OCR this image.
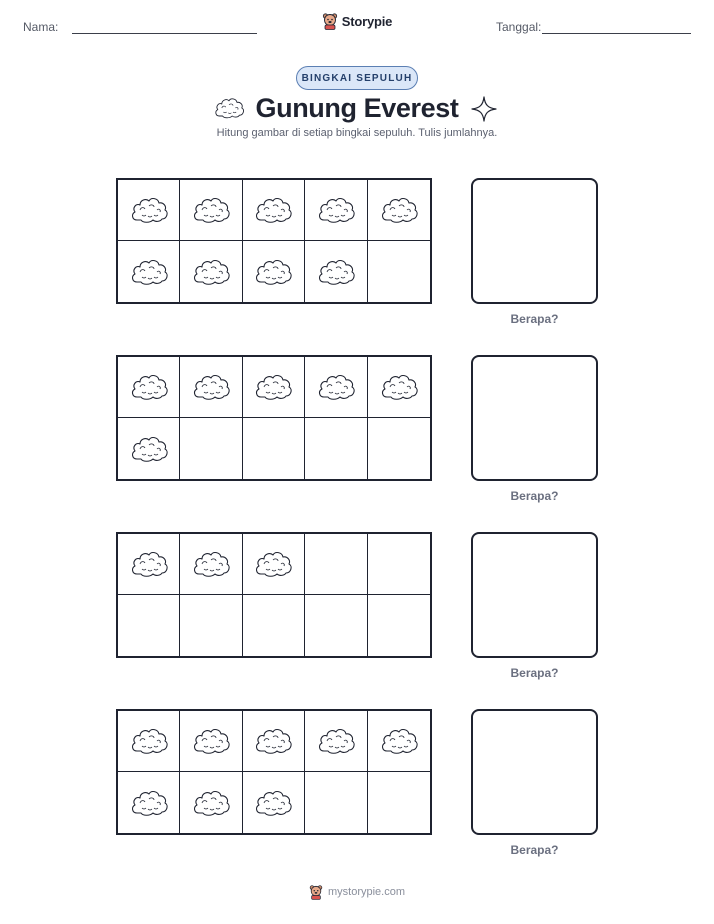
Nama:	Storypie	Tanggal:
BINGKAI SEPULUH
Gunung Everest

Hitung gambar di setiap bingkai sepuluh. Tulis jumlahnya.

Berapa?
Berapa?
Berapa?
Berapa?
mystorypie.com
